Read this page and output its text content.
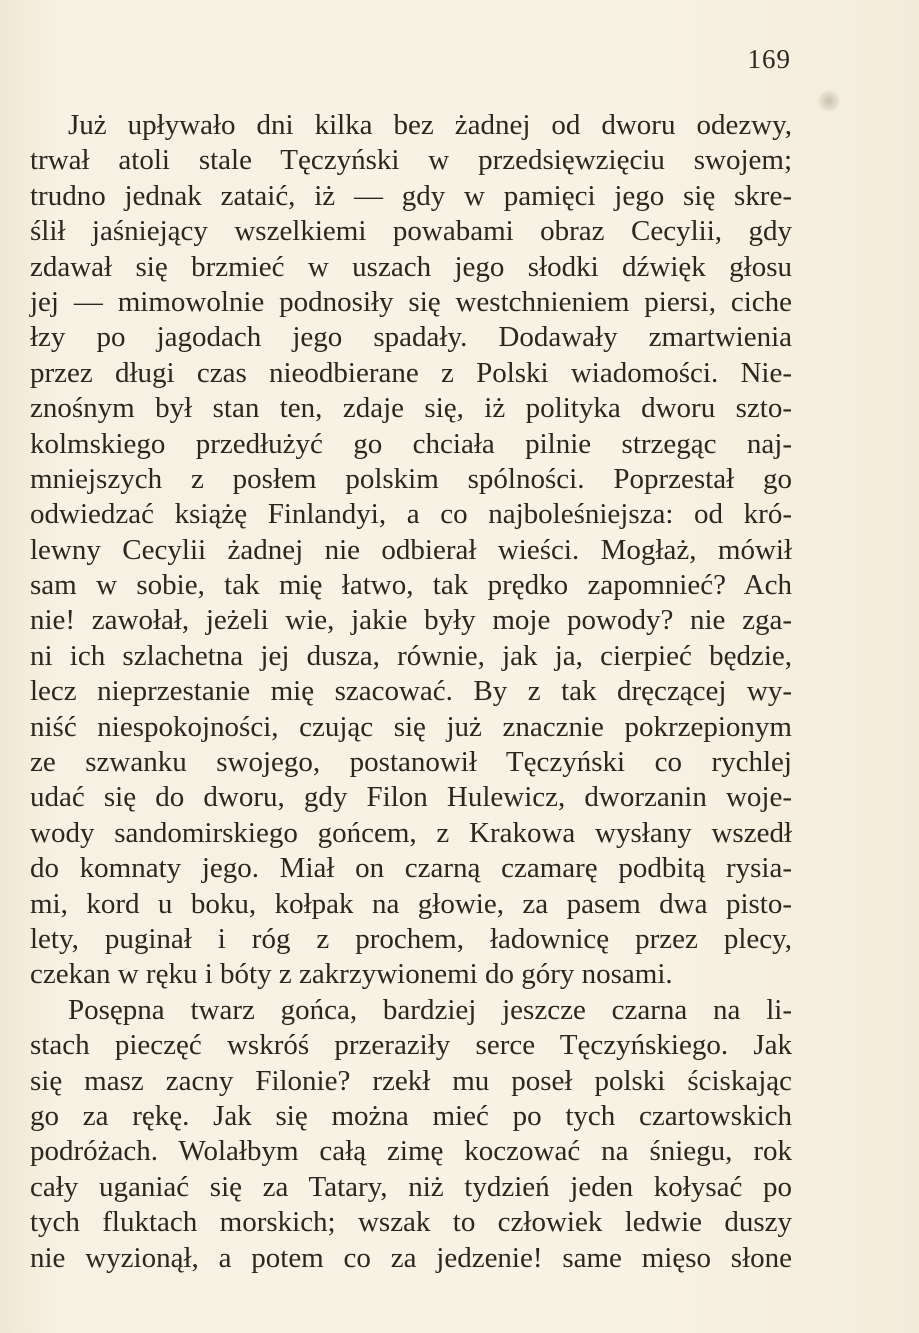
169
Już upływało dni kilka bez żadnej od dworu odezwy,
trwał atoli stale Tęczyński w przedsięwzięciu swojem;
trudno jednak zataić, iż — gdy w pamięci jego się skre-
ślił jaśniejący wszelkiemi powabami obraz Cecylii, gdy
zdawał się brzmieć w uszach jego słodki dźwięk głosu
jej — mimowolnie podnosiły się westchnieniem piersi, ciche
łzy po jagodach jego spadały. Dodawały zmartwienia
przez długi czas nieodbierane z Polski wiadomości. Nie-
znośnym był stan ten, zdaje się, iż polityka dworu szto-
kolmskiego przedłużyć go chciała pilnie strzegąc naj-
mniejszych z posłem polskim spólności. Poprzestał go
odwiedzać książę Finlandyi, a co najboleśniejsza: od kró-
lewny Cecylii żadnej nie odbierał wieści. Mogłaż, mówił
sam w sobie, tak mię łatwo, tak prędko zapomnieć? Ach
nie! zawołał, jeżeli wie, jakie były moje powody? nie zga-
ni ich szlachetna jej dusza, równie, jak ja, cierpieć będzie,
lecz nieprzestanie mię szacować. By z tak dręczącej wy-
niść niespokojności, czując się już znacznie pokrzepionym
ze szwanku swojego, postanowił Tęczyński co rychlej
udać się do dworu, gdy Filon Hulewicz, dworzanin woje-
wody sandomirskiego gońcem, z Krakowa wysłany wszedł
do komnaty jego. Miał on czarną czamarę podbitą rysia-
mi, kord u boku, kołpak na głowie, za pasem dwa pisto-
lety, puginał i róg z prochem, ładownicę przez plecy,
czekan w ręku i bóty z zakrzywionemi do góry nosami.
Posępna twarz gońca, bardziej jeszcze czarna na li-
stach pieczęć wskróś przeraziły serce Tęczyńskiego. Jak
się masz zacny Filonie? rzekł mu poseł polski ściskając
go za rękę. Jak się można mieć po tych czartowskich
podróżach. Wolałbym całą zimę koczować na śniegu, rok
cały uganiać się za Tatary, niż tydzień jeden kołysać po
tych fluktach morskich; wszak to człowiek ledwie duszy
nie wyzionął, a potem co za jedzenie! same mięso słone
